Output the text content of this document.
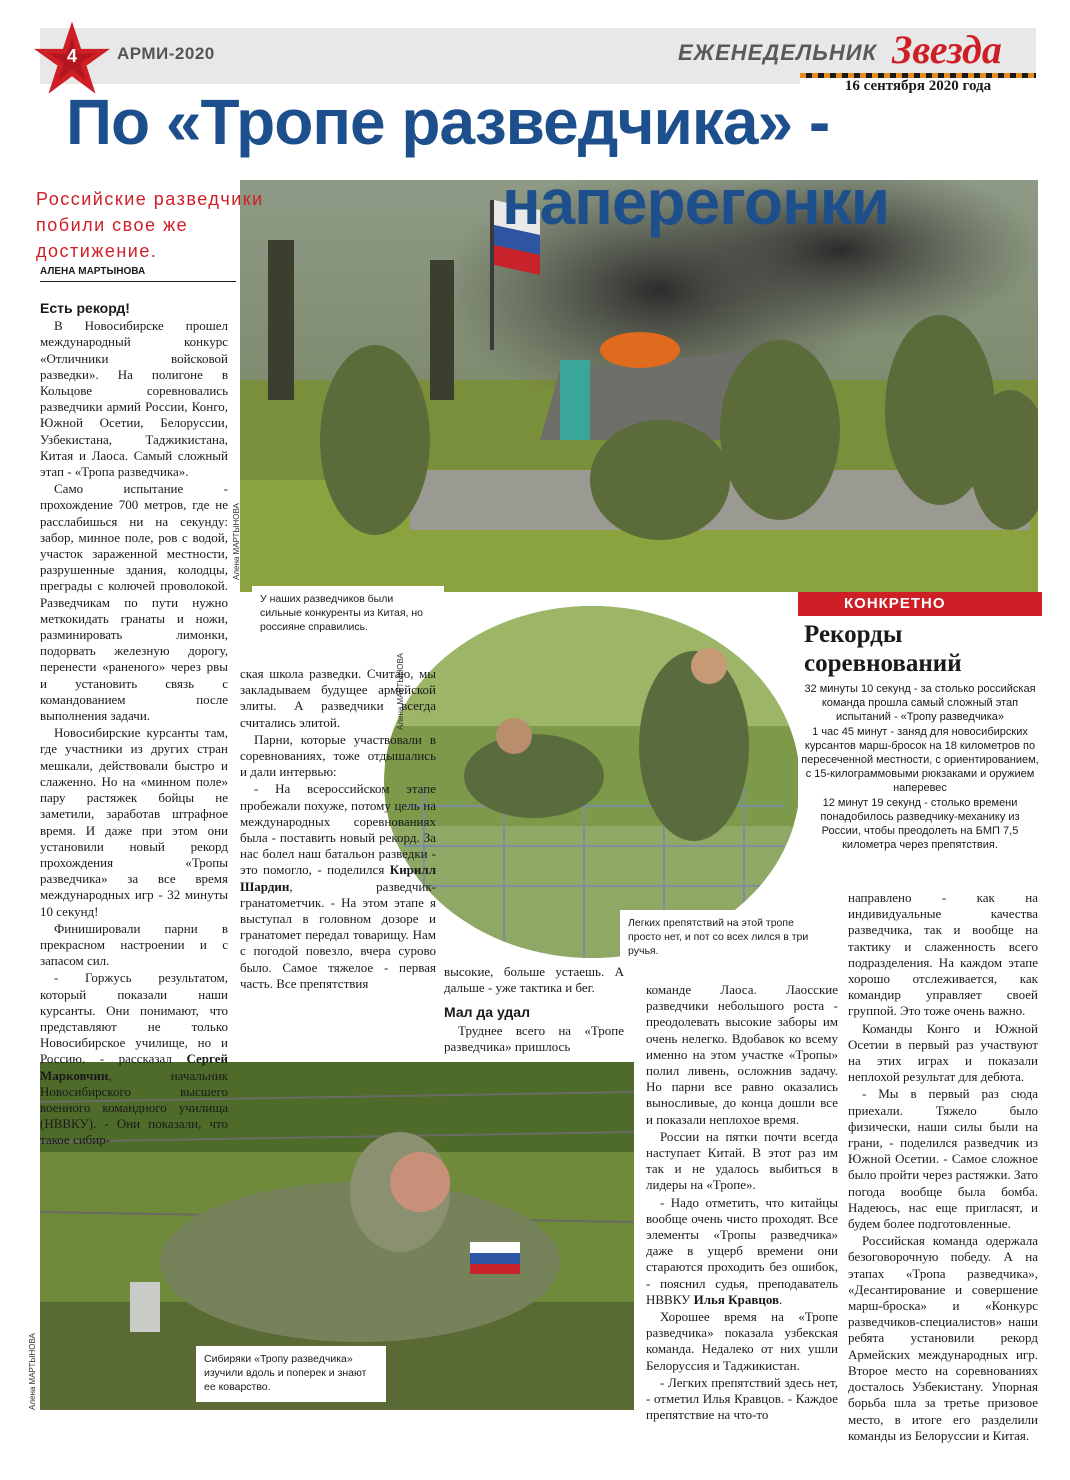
4	АРМИ-2020	ЕЖЕНЕДЕЛЬНИК Звезда
16 сентября 2020 года
Алена МАРТЫНОВА
У наших разведчиков были сильные конкуренты из Китая, но россияне справились.
По «Тропе разведчика» -
наперегонки
Российские разведчики побили свое же достижение.
АЛЕНА МАРТЫНОВА
Алена МАРТЫНОВА
Легких препятствий на этой тропе просто нет, и пот со всех лился в три ручья.
Алена МАРТЫНОВА	Сибиряки «Тропу разведчика» изучили вдоль и поперек и знают ее коварство.
Есть рекорд!

В Новосибирске прошел международный конкурс «Отличники войсковой разведки». На полигоне в Кольцове соревновались разведчики армий России, Конго, Южной Осетии, Белоруссии, Узбекистана, Таджикистана, Китая и Лаоса. Самый сложный этап - «Тропа разведчика».

Само испытание - прохождение 700 метров, где не расслабишься ни на секунду: забор, минное поле, ров с водой, участок зараженной местности, разрушенные здания, колодцы, преграды с колючей проволокой. Разведчикам по пути нужно меткокидать гранаты и ножи, разминировать лимонки, подорвать железную дорогу, перенести «раненого» через рвы и установить связь с командованием после выполнения задачи.

Новосибирские курсанты там, где участники из других стран мешкали, действовали быстро и слаженно. Но на «минном поле» пару растяжек бойцы не заметили, заработав штрафное время. И даже при этом они установили новый рекорд прохождения «Тропы разведчика» за все время международных игр - 32 минуты 10 секунд!

Финишировали парни в прекрасном настроении и с запасом сил.

- Горжусь результатом, который показали наши курсанты. Они понимают, что представляют не только Новосибирское училище, но и Россию, - рассказал Сергей Марковчин, начальник Новосибирского высшего военного командного училища (НВВКУ). - Они показали, что такое сибир-

ская школа разведки. Считаю, мы закладываем будущее армейской элиты. А разведчики всегда считались элитой.

Парни, которые участвовали в соревнованиях, тоже отдышались и дали интервью:

- На всероссийском этапе пробежали похуже, потому цель на международных соревнованиях была - поставить новый рекорд. За нас болел наш батальон разведки - это помогло, - поделился Кирилл Шардин, разведчик-гранатометчик. - На этом этапе я выступал в головном дозоре и гранатомет передал товарищу. Нам с погодой повезло, вчера сурово было. Самое тяжелое - первая часть. Все препятствия

высокие, больше устаешь. А дальше - уже тактика и бег.

Мал да удал

Труднее всего на «Тропе разведчика» пришлось

команде Лаоса. Лаосские разведчики небольшого роста - преодолевать высокие заборы им очень нелегко. Вдобавок ко всему именно на этом участке «Тропы» полил ливень, осложнив задачу. Но парни все равно оказались выносливые, до конца дошли все и показали неплохое время.

России на пятки почти всегда наступает Китай. В этот раз им так и не удалось выбиться в лидеры на «Тропе».

- Надо отметить, что китайцы вообще очень чисто проходят. Все элементы «Тропы разведчика» даже в ущерб времени они стараются проходить без ошибок, - пояснил судья, преподаватель НВВКУ Илья Кравцов.

Хорошее время на «Тропе разведчика» показала узбекская команда. Недалеко от них ушли Белоруссия и Таджикистан.

- Легких препятствий здесь нет, - отметил Илья Кравцов. - Каждое препятствие на что-то

направлено - как на индивидуальные качества разведчика, так и вообще на тактику и слаженность всего подразделения. На каждом этапе хорошо отслеживается, как командир управляет своей группой. Это тоже очень важно.

Команды Конго и Южной Осетии в первый раз участвуют на этих играх и показали неплохой результат для дебюта.

- Мы в первый раз сюда приехали. Тяжело было физически, наши силы были на грани, - поделился разведчик из Южной Осетии. - Самое сложное было пройти через растяжки. Зато погода вообще была бомба. Надеюсь, нас еще пригласят, и будем более подготовленные.

Российская команда одержала безоговорочную победу. А на этапах «Тропа разведчика», «Десантирование и совершение марш-броска» и «Конкурс разведчиков-специалистов» наши ребята установили рекорд Армейских международных игр. Второе место на соревнованиях досталось Узбекистану. Упорная борьба шла за третье призовое место, в итоге его разделили команды из Белоруссии и Китая.

КОНКРЕТНО
Рекорды соревнований

32 минуты 10 секунд - за столько российская команда прошла самый сложный этап испытаний - «Тропу разведчика»

1 час 45 минут - заняд для новосибирских курсантов марш-бросок на 18 километров по пересеченной местности, с ориентированием, с 15-килограммовыми рюкзаками и оружием наперевес

12 минут 19 секунд - столько времени понадобилось разведчику-механику из России, чтобы преодолеть на БМП 7,5 километра через препятствия.
